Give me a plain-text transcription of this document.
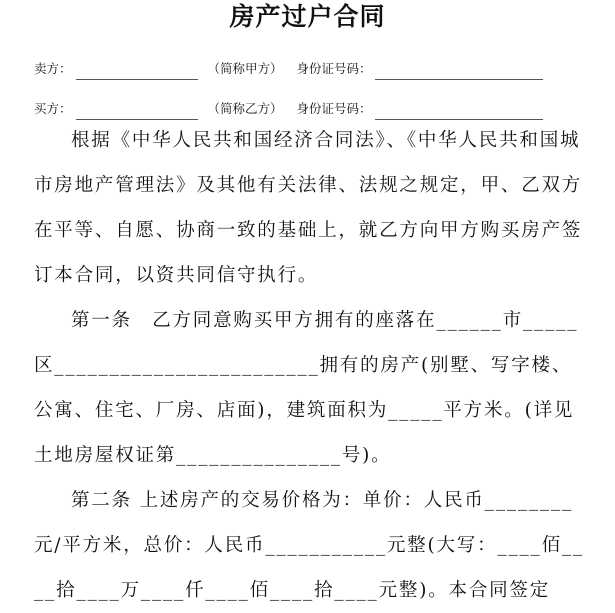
房产过户合同
卖方：	（简称甲方） 身份证号码：
买方：	（简称乙方） 身份证号码：

根据《中华人民共和国经济合同法》、《中华人民共和国城市房地产管理法》及其他有关法律、法规之规定，甲、乙双方在平等、自愿、协商一致的基础上，就乙方向甲方购买房产签订本合同，以资共同信守执行。

第一条　乙方同意购买甲方拥有的座落在______市_____区________________________拥有的房产(别墅、写字楼、公寓、住宅、厂房、店面)，建筑面积为_____平方米。(详见土地房屋权证第_______________号)。

第二条 上述房产的交易价格为：单价：人民币________元/平方米，总价：人民币___________元整(大写：____佰____拾____万____仟____佰____拾____元整)。本合同签定
